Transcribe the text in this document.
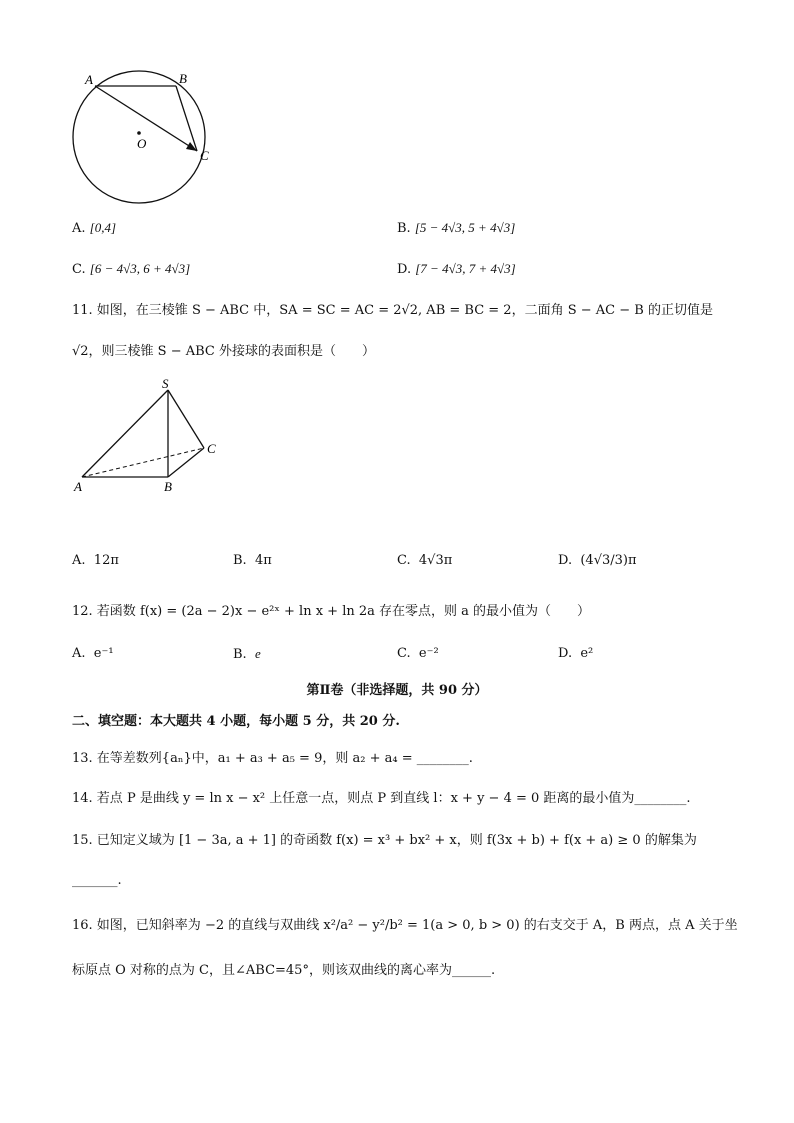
A	B
O
C
A. [0,4]	B. [5 − 4√3, 5 + 4√3]
C. [6 − 4√3, 6 + 4√3]	D. [7 − 4√3, 7 + 4√3]
11. 如图，在三棱锥 S − ABC 中，SA = SC = AC = 2√2, AB = BC = 2，二面角 S − AC − B 的正切值是
√2，则三棱锥 S − ABC 外接球的表面积是（　　）
S
A	B
C
A. 12π	B. 4π	C. 4√3π	D. (4√3/3)π
12. 若函数 f(x) = (2a − 2)x − e²ˣ + ln x + ln 2a 存在零点，则 a 的最小值为（　　）
A. e⁻¹	B. e	C. e⁻²	D. e²
第Ⅱ卷（非选择题，共 90 分）
二、填空题：本大题共 4 小题，每小题 5 分，共 20 分.
13. 在等差数列{aₙ}中，a₁ + a₃ + a₅ = 9，则 a₂ + a₄ = ________.
14. 若点 P 是曲线 y = ln x − x² 上任意一点，则点 P 到直线 l：x + y − 4 = 0 距离的最小值为________.
15. 已知定义域为 [1 − 3a, a + 1] 的奇函数 f(x) = x³ + bx² + x，则 f(3x + b) + f(x + a) ≥ 0 的解集为
_______.
16. 如图，已知斜率为 −2 的直线与双曲线 x²/a² − y²/b² = 1(a > 0, b > 0) 的右支交于 A，B 两点，点 A 关于坐
标原点 O 对称的点为 C，且∠ABC=45°，则该双曲线的离心率为______.
